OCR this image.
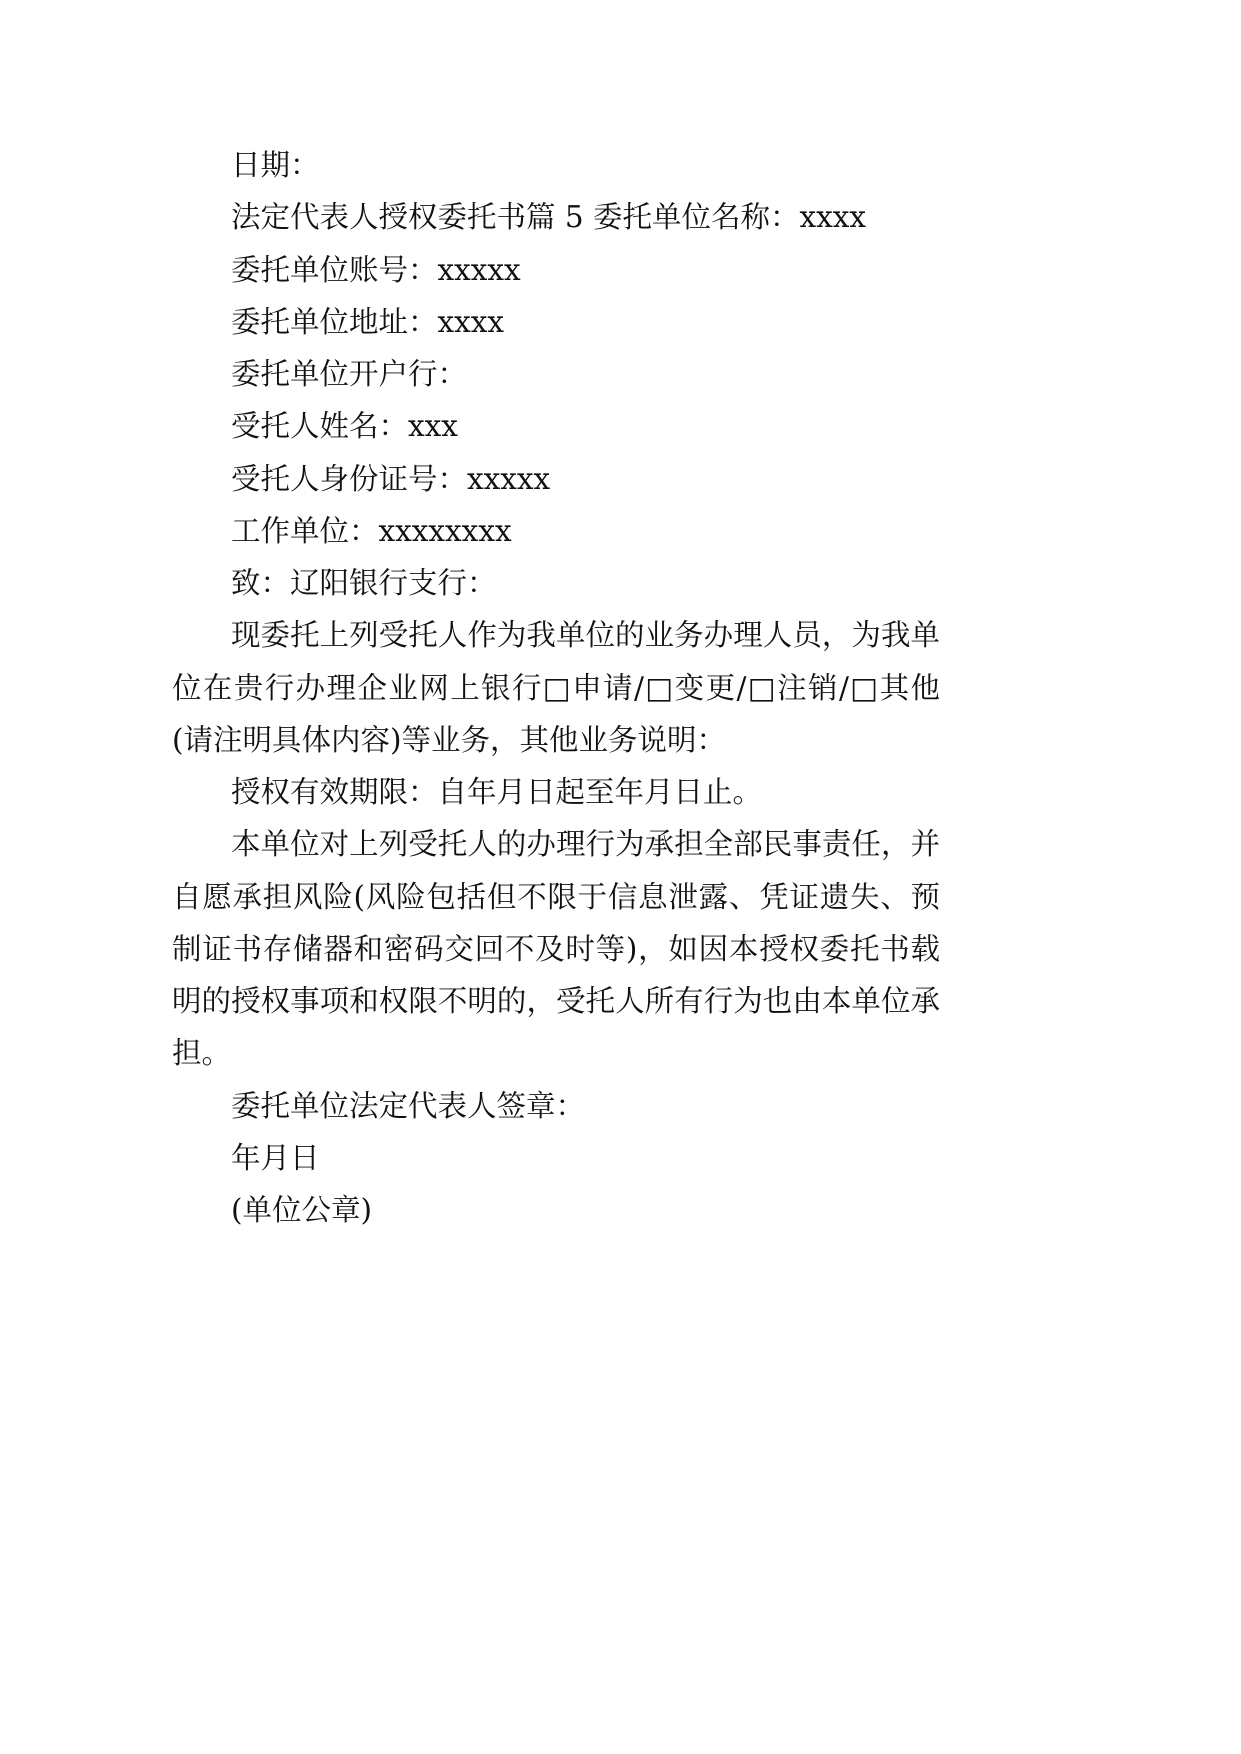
日期：
法定代表人授权委托书篇 5 委托单位名称：xxxx
委托单位账号：xxxxx
委托单位地址：xxxx
委托单位开户行：
受托人姓名：xxx
受托人身份证号：xxxxx
工作单位：xxxxxxxx
致：辽阳银行支行：
现委托上列受托人作为我单位的业务办理人员，为我单
位在贵行办理企业网上银行□申请/□变更/□注销/□其他
(请注明具体内容)等业务，其他业务说明：
授权有效期限：自年月日起至年月日止。
本单位对上列受托人的办理行为承担全部民事责任，并
自愿承担风险(风险包括但不限于信息泄露、凭证遗失、预
制证书存储器和密码交回不及时等)，如因本授权委托书载
明的授权事项和权限不明的，受托人所有行为也由本单位承
担。
委托单位法定代表人签章：
年月日
(单位公章)
